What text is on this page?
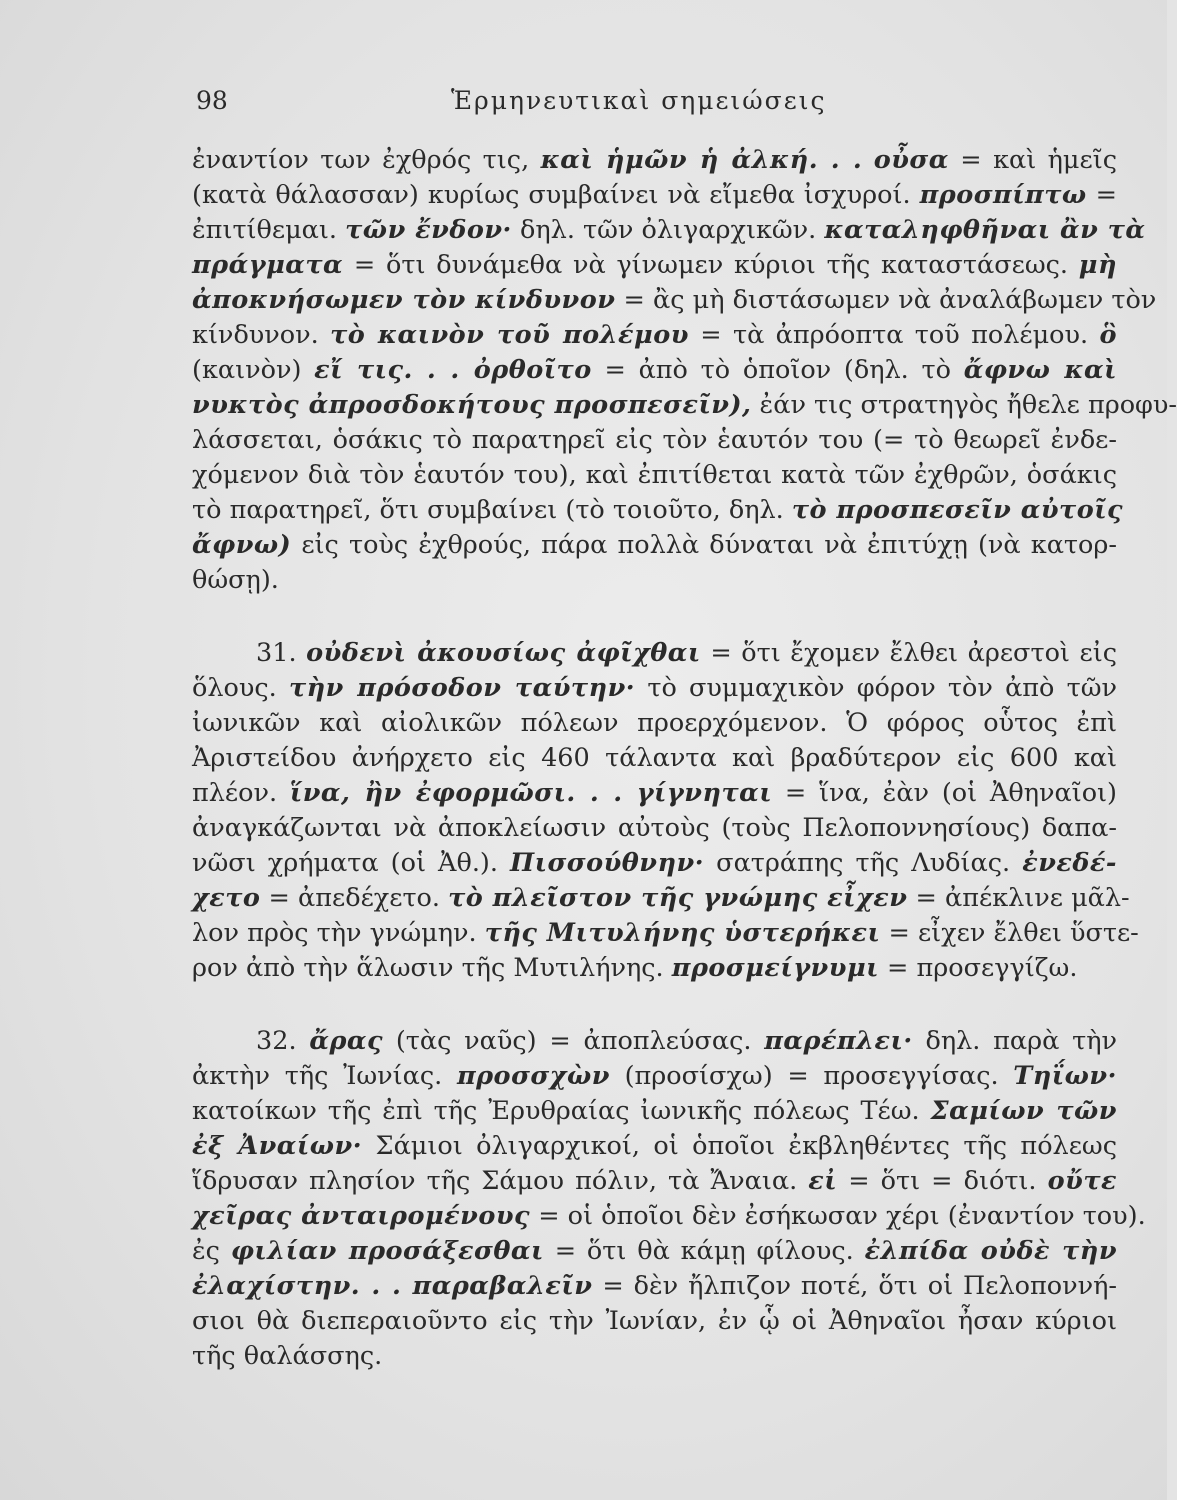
98	Ἑρμηνευτικαὶ σημειώσεις
ἐναντίον των ἐχθρός τις, καὶ ἡμῶν ἡ ἀλκή. . . οὖσα = καὶ ἡμεῖς
(κατὰ θάλασσαν) κυρίως συμβαίνει νὰ εἴμεθα ἰσχυροί. προσπίπτω =
ἐπιτίθεμαι. τῶν ἔνδον· δηλ. τῶν ὀλιγαρχικῶν. καταληφθῆναι ἂν τὰ
πράγματα = ὅτι δυνάμεθα νὰ γίνωμεν κύριοι τῆς καταστάσεως. μὴ
ἀποκνήσωμεν τὸν κίνδυνον = ἂς μὴ διστάσωμεν νὰ ἀναλάβωμεν τὸν
κίνδυνον. τὸ καινὸν τοῦ πολέμου = τὰ ἀπρόοπτα τοῦ πολέμου. ὃ
(καινὸν) εἴ τις. . . ὀρθοῖτο = ἀπὸ τὸ ὁποῖον (δηλ. τὸ ἄφνω καὶ
νυκτὸς ἀπροσδοκήτους προσπεσεῖν), ἐάν τις στρατηγὸς ἤθελε προφυ-
λάσσεται, ὁσάκις τὸ παρατηρεῖ εἰς τὸν ἑαυτόν του (= τὸ θεωρεῖ ἐνδε-
χόμενον διὰ τὸν ἑαυτόν του), καὶ ἐπιτίθεται κατὰ τῶν ἐχθρῶν, ὁσάκις
τὸ παρατηρεῖ, ὅτι συμβαίνει (τὸ τοιοῦτο, δηλ. τὸ προσπεσεῖν αὐτοῖς
ἄφνω) εἰς τοὺς ἐχθρούς, πάρα πολλὰ δύναται νὰ ἐπιτύχῃ (νὰ κατορ-
θώσῃ).
31. οὐδενὶ ἀκουσίως ἀφῖχθαι = ὅτι ἔχομεν ἔλθει ἀρεστοὶ εἰς
ὅλους. τὴν πρόσοδον ταύτην· τὸ συμμαχικὸν φόρον τὸν ἀπὸ τῶν
ἰωνικῶν καὶ αἰολικῶν πόλεων προερχόμενον. Ὁ φόρος οὗτος ἐπὶ
Ἀριστείδου ἀνήρχετο εἰς 460 τάλαντα καὶ βραδύτερον εἰς 600 καὶ
πλέον. ἵνα, ἢν ἐφορμῶσι. . . γίγνηται = ἵνα, ἐὰν (οἱ Ἀθηναῖοι)
ἀναγκάζωνται νὰ ἀποκλείωσιν αὐτοὺς (τοὺς Πελοποννησίους) δαπα-
νῶσι χρήματα (οἱ Ἀθ.). Πισσούθνην· σατράπης τῆς Λυδίας. ἐνεδέ-
χετο = ἀπεδέχετο. τὸ πλεῖστον τῆς γνώμης εἶχεν = ἀπέκλινε μᾶλ-
λον πρὸς τὴν γνώμην. τῆς Μιτυλήνης ὑστερήκει = εἶχεν ἔλθει ὕστε-
ρον ἀπὸ τὴν ἅλωσιν τῆς Μυτιλήνης. προσμείγνυμι = προσεγγίζω.
32. ἄρας (τὰς ναῦς) = ἀποπλεύσας. παρέπλει· δηλ. παρὰ τὴν
ἀκτὴν τῆς Ἰωνίας. προσσχὼν (προσίσχω) = προσεγγίσας. Τηΐων·
κατοίκων τῆς ἐπὶ τῆς Ἐρυθραίας ἰωνικῆς πόλεως Τέω. Σαμίων τῶν
ἐξ Ἀναίων· Σάμιοι ὀλιγαρχικοί, οἱ ὁποῖοι ἐκβληθέντες τῆς πόλεως
ἵδρυσαν πλησίον τῆς Σάμου πόλιν, τὰ Ἄναια. εἰ = ὅτι = διότι. οὔτε
χεῖρας ἀνταιρομένους = οἱ ὁποῖοι δὲν ἐσήκωσαν χέρι (ἐναντίον του).
ἐς φιλίαν προσάξεσθαι = ὅτι θὰ κάμῃ φίλους. ἐλπίδα οὐδὲ τὴν
ἐλαχίστην. . . παραβαλεῖν = δὲν ἤλπιζον ποτέ, ὅτι οἱ Πελοποννή-
σιοι θὰ διεπεραιοῦντο εἰς τὴν Ἰωνίαν, ἐν ᾧ οἱ Ἀθηναῖοι ἦσαν κύριοι
τῆς θαλάσσης.
